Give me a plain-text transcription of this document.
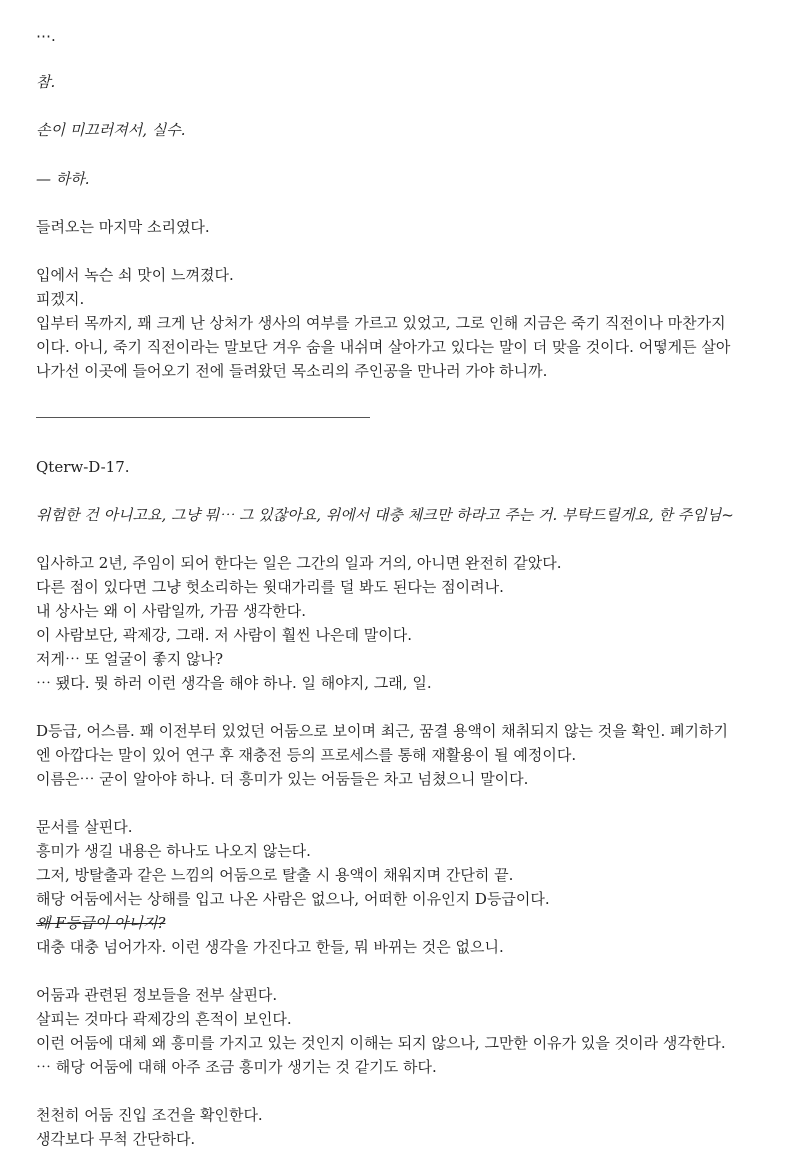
⋯.
참.
손이 미끄러져서, 실수.
— 하하.
들려오는 마지막 소리였다.
입에서 녹슨 쇠 맛이 느껴졌다.
피겠지.
입부터 목까지, 꽤 크게 난 상처가 생사의 여부를 가르고 있었고, 그로 인해 지금은 죽기 직전이나 마찬가지
이다. 아니, 죽기 직전이라는 말보단 겨우 숨을 내쉬며 살아가고 있다는 말이 더 맞을 것이다. 어떻게든 살아
나가선 이곳에 들어오기 전에 들려왔던 목소리의 주인공을 만나러 가야 하니까.
Qterw-D-17.
위험한 건 아니고요, 그냥 뭐⋯ 그 있잖아요, 위에서 대충 체크만 하라고 주는 거. 부탁드릴게요, 한 주임님~
입사하고 2년, 주임이 되어 한다는 일은 그간의 일과 거의, 아니면 완전히 같았다.
다른 점이 있다면 그냥 헛소리하는 윗대가리를 덜 봐도 된다는 점이려나.
내 상사는 왜 이 사람일까, 가끔 생각한다.
이 사람보단, 곽제강, 그래. 저 사람이 훨씬 나은데 말이다.
저게⋯ 또 얼굴이 좋지 않나?
⋯ 됐다. 뭣 하러 이런 생각을 해야 하나. 일 해야지, 그래, 일.
D등급, 어스름. 꽤 이전부터 있었던 어둠으로 보이며 최근, 꿈결 용액이 채취되지 않는 것을 확인. 폐기하기
엔 아깝다는 말이 있어 연구 후 재충전 등의 프로세스를 통해 재활용이 될 예정이다.
이름은⋯ 굳이 알아야 하나. 더 흥미가 있는 어둠들은 차고 넘쳤으니 말이다.
문서를 살핀다.
흥미가 생길 내용은 하나도 나오지 않는다.
그저, 방탈출과 같은 느낌의 어둠으로 탈출 시 용액이 채워지며 간단히 끝.
해당 어둠에서는 상해를 입고 나온 사람은 없으나, 어떠한 이유인지 D등급이다.
왜 F등급이 아니지?
대충 대충 넘어가자. 이런 생각을 가진다고 한들, 뭐 바뀌는 것은 없으니.
어둠과 관련된 정보들을 전부 살핀다.
살피는 것마다 곽제강의 흔적이 보인다.
이런 어둠에 대체 왜 흥미를 가지고 있는 것인지 이해는 되지 않으나, 그만한 이유가 있을 것이라 생각한다.
⋯ 해당 어둠에 대해 아주 조금 흥미가 생기는 것 같기도 하다.
천천히 어둠 진입 조건을 확인한다.
생각보다 무척 간단하다.
